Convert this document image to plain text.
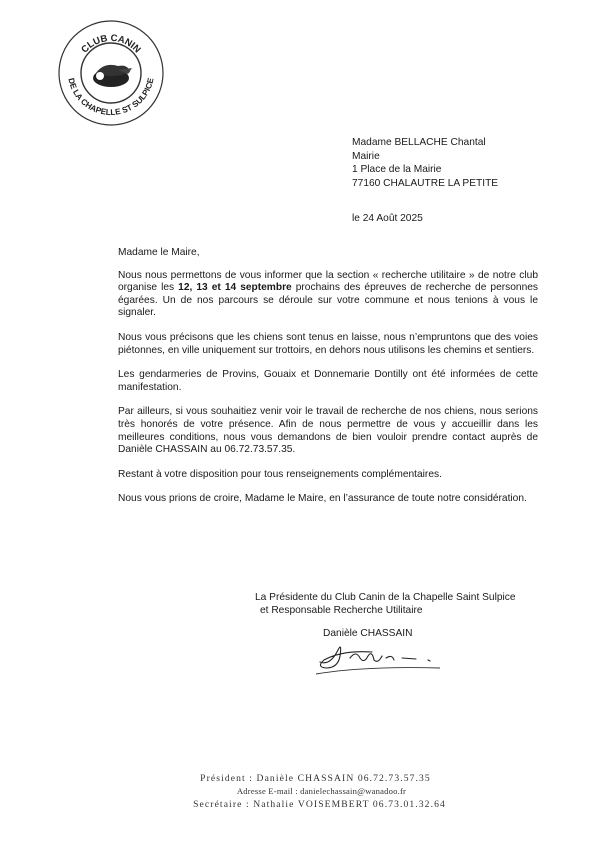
CLUB CANIN
DE LA CHAPELLE ST SULPICE
Madame BELLACHE Chantal
Mairie
1 Place de la Mairie
77160 CHALAUTRE LA PETITE
le 24 Août 2025

Madame le Maire,

Nous nous permettons de vous informer que la section « recherche utilitaire » de notre club organise les 12, 13 et 14 septembre prochains des épreuves de recherche de personnes égarées. Un de nos parcours se déroule sur votre commune et nous tenions à vous le signaler.

Nous vous précisons que les chiens sont tenus en laisse, nous n’empruntons que des voies piétonnes, en ville uniquement sur trottoirs, en dehors nous utilisons les chemins et sentiers.

Les gendarmeries de Provins, Gouaix et Donnemarie Dontilly ont été informées de cette manifestation.

Par ailleurs, si vous souhaitiez venir voir le travail de recherche de nos chiens, nous serions très honorés de votre présence. Afin de nous permettre de vous y accueillir dans les meilleures conditions, nous vous demandons de bien vouloir prendre contact auprès de Danièle CHASSAIN au 06.72.73.57.35.

Restant à votre disposition pour tous renseignements complémentaires.

Nous vous prions de croire, Madame le Maire, en l’assurance de toute notre considération.

La Présidente du Club Canin de la Chapelle Saint Sulpice
et Responsable Recherche Utilitaire
Danièle CHASSAIN
Président : Danièle CHASSAIN 06.72.73.57.35
Adresse E-mail : danielechassain@wanadoo.fr
Secrétaire : Nathalie VOISEMBERT 06.73.01.32.64
